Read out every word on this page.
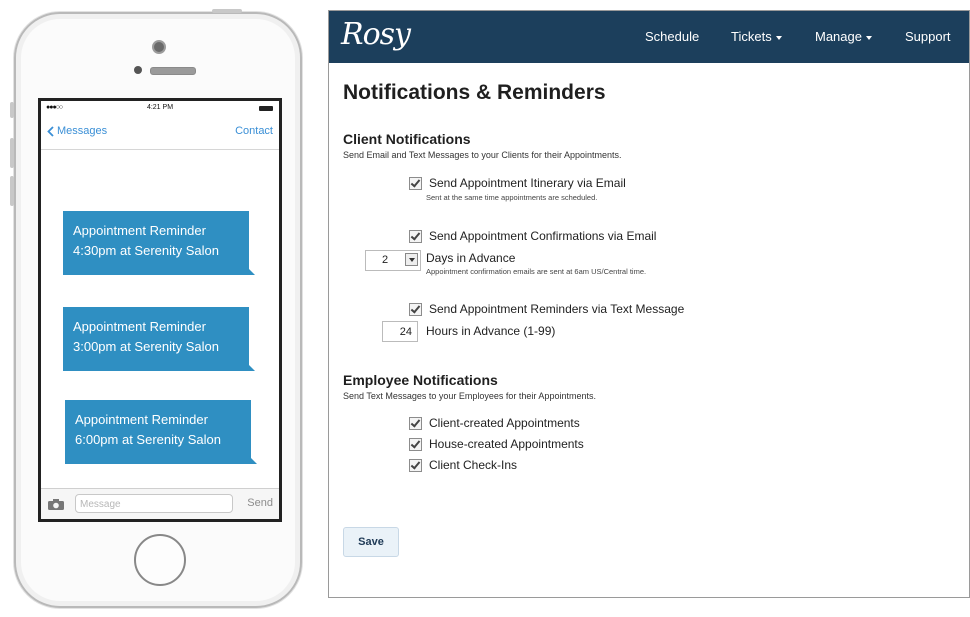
●●●○○	4:21 PM
Messages	Contact
Appointment Reminder
4:30pm at Serenity Salon
Appointment Reminder
3:00pm at Serenity Salon
Appointment Reminder
6:00pm at Serenity Salon
Message	Send
Rosy	Schedule Tickets	Manage	Support
Notifications & Reminders
Client Notifications
Send Email and Text Messages to your Clients for their Appointments.
Send Appointment Itinerary via Email
Sent at the same time appointments are scheduled.
Send Appointment Confirmations via Email
2	Days in Advance
Appointment confirmation emails are sent at 6am US/Central time.
Send Appointment Reminders via Text Message
24	Hours in Advance (1-99)
Employee Notifications
Send Text Messages to your Employees for their Appointments.
Client-created Appointments
House-created Appointments
Client Check-Ins
Save
